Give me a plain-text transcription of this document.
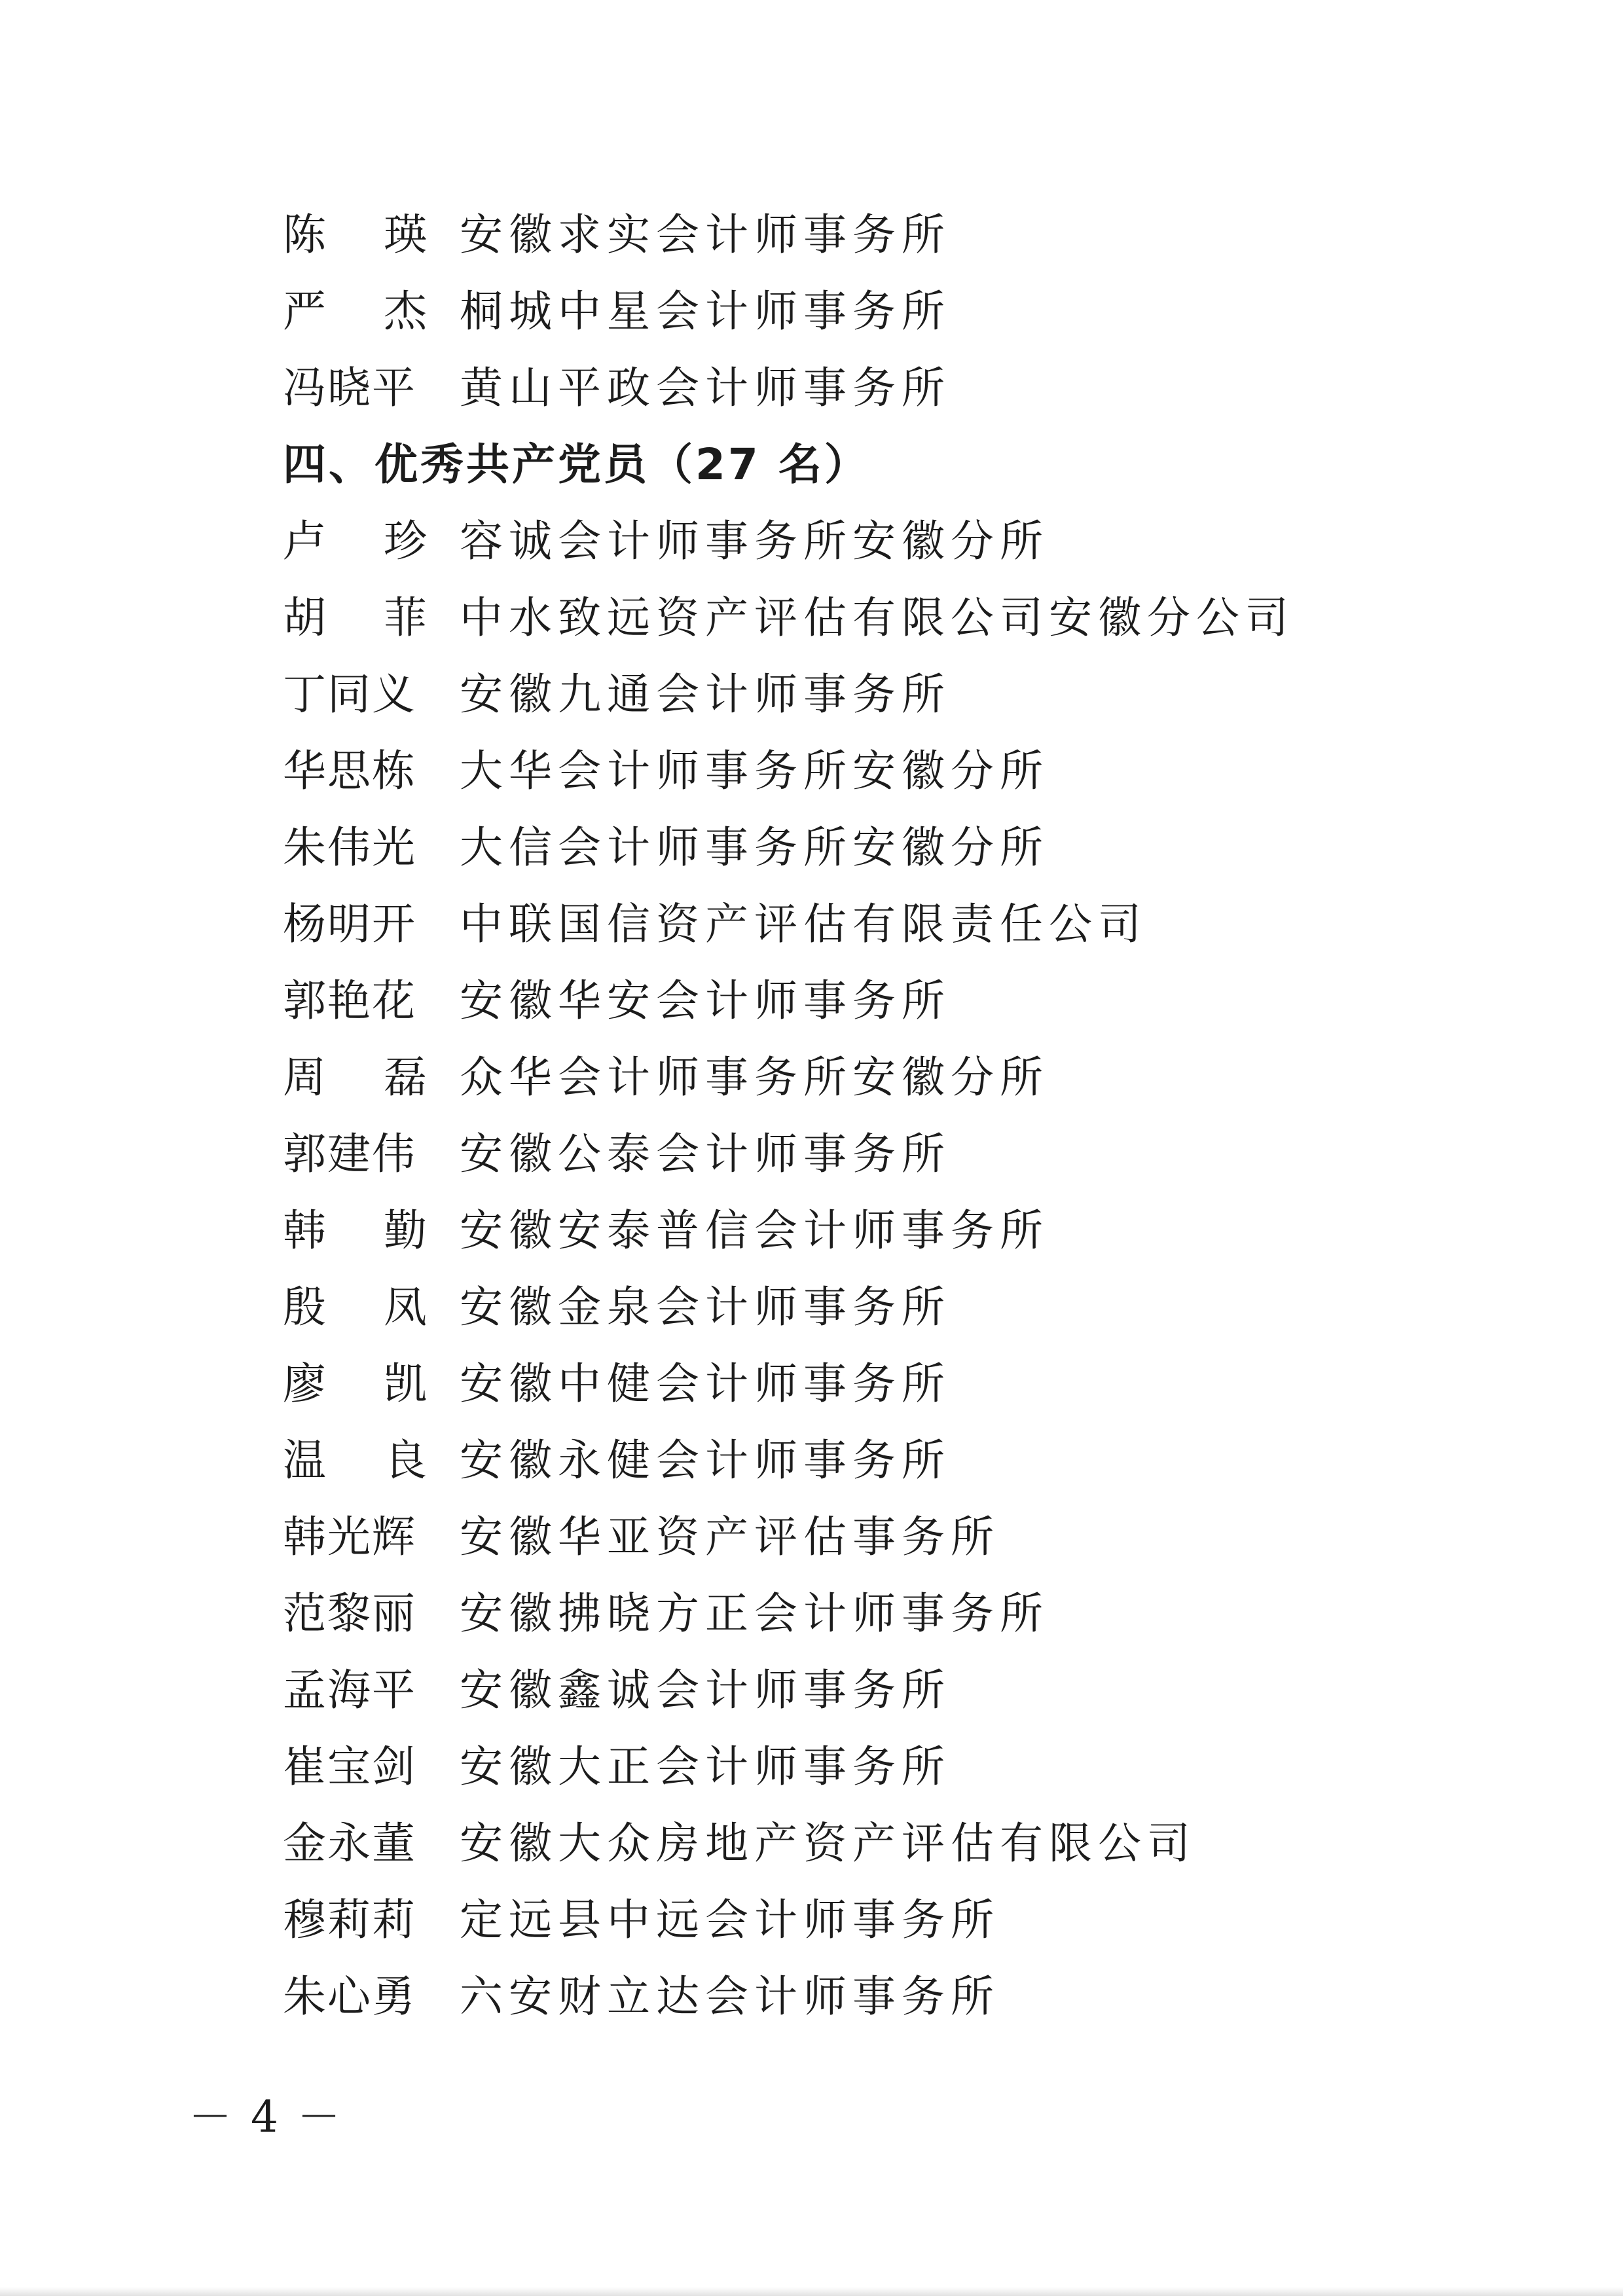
陈 瑛 安徽求实会计师事务所
严 杰 桐城中星会计师事务所
冯 晓 平 黄山平政会计师事务所
四、优秀共产党员（27 名）
卢 珍 容诚会计师事务所安徽分所
胡 菲 中水致远资产评估有限公司安徽分公司
丁 同 义 安徽九通会计师事务所
华 思 栋 大华会计师事务所安徽分所
朱 伟 光 大信会计师事务所安徽分所
杨 明 开 中联国信资产评估有限责任公司
郭 艳 花 安徽华安会计师事务所
周 磊 众华会计师事务所安徽分所
郭 建 伟 安徽公泰会计师事务所
韩 勤 安徽安泰普信会计师事务所
殷 凤 安徽金泉会计师事务所
廖 凯 安徽中健会计师事务所
温 良 安徽永健会计师事务所
韩 光 辉 安徽华亚资产评估事务所
范 黎 丽 安徽拂晓方正会计师事务所
孟 海 平 安徽鑫诚会计师事务所
崔 宝 剑 安徽大正会计师事务所
金 永 董 安徽大众房地产资产评估有限公司
穆 莉 莉 定远县中远会计师事务所
朱 心 勇 六安财立达会计师事务所
－ 4 －
